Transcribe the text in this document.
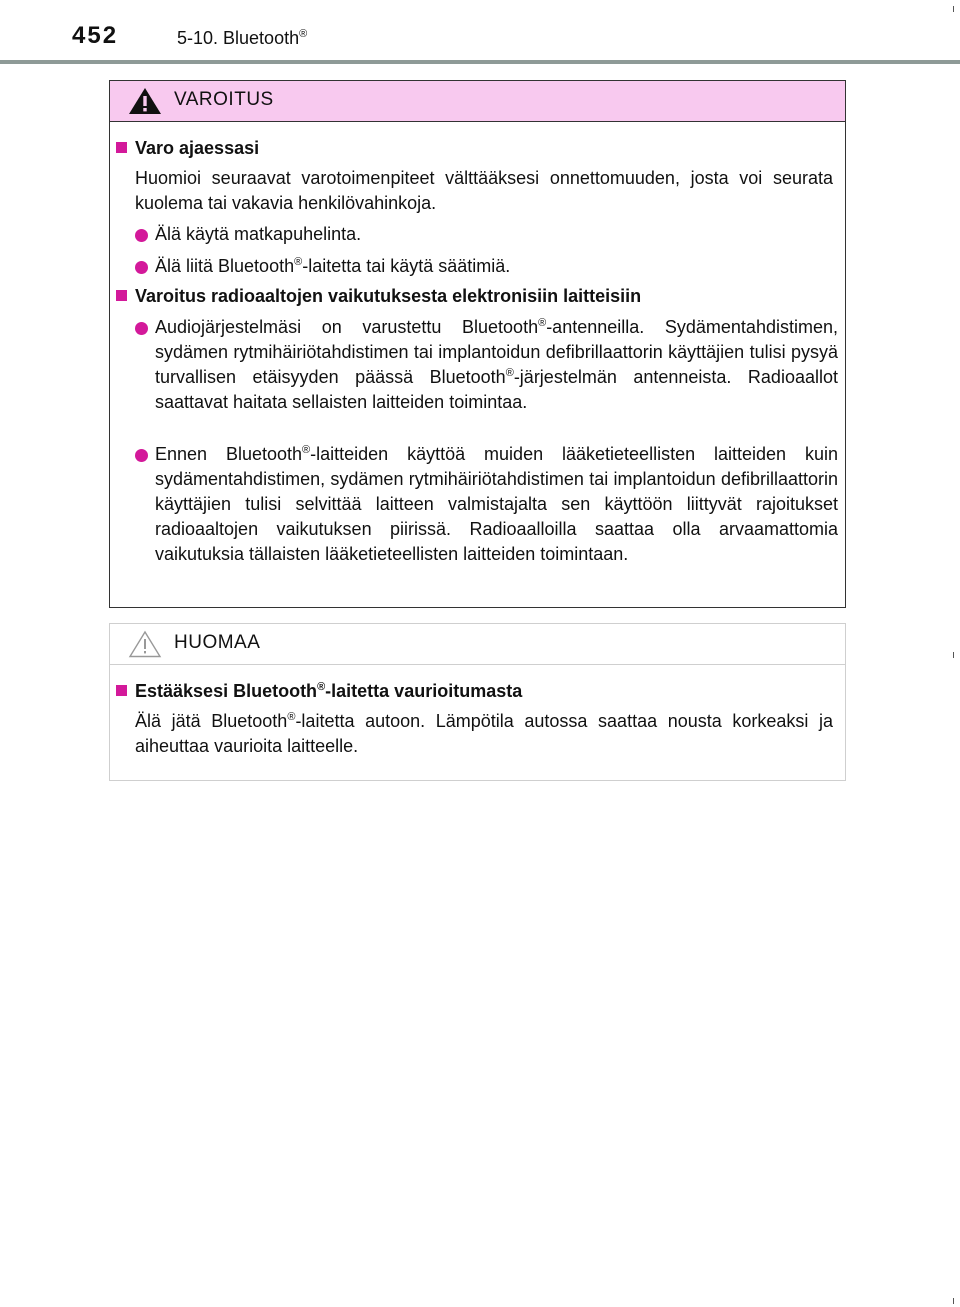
452	5-10. Bluetooth®
VAROITUS
Varo ajaessasi
Huomioi seuraavat varotoimenpiteet välttääksesi onnettomuuden, josta voi seurata kuolema tai vakavia henkilövahinkoja.
Älä käytä matkapuhelinta.
Älä liitä Bluetooth®-laitetta tai käytä säätimiä.
Varoitus radioaaltojen vaikutuksesta elektronisiin laitteisiin
Audiojärjestelmäsi on varustettu Bluetooth®-antenneilla. Sydämentahdistimen, sydämen rytmihäiriötahdistimen tai implantoidun defibrillaattorin käyttäjien tulisi pysyä turvallisen etäisyyden päässä Bluetooth®-järjestelmän antenneista. Radioaallot saattavat haitata sellaisten laitteiden toimintaa.
Ennen Bluetooth®-laitteiden käyttöä muiden lääketieteellisten laitteiden kuin sydämentahdistimen, sydämen rytmihäiriötahdistimen tai implantoidun defibrillaattorin käyttäjien tulisi selvittää laitteen valmistajalta sen käyttöön liittyvät rajoitukset radioaaltojen vaikutuksen piirissä. Radioaalloilla saattaa olla arvaamattomia vaikutuksia tällaisten lääketieteellisten laitteiden toimintaan.
HUOMAA
Estääksesi Bluetooth®-laitetta vaurioitumasta
Älä jätä Bluetooth®-laitetta autoon. Lämpötila autossa saattaa nousta korkeaksi ja aiheuttaa vaurioita laitteelle.
